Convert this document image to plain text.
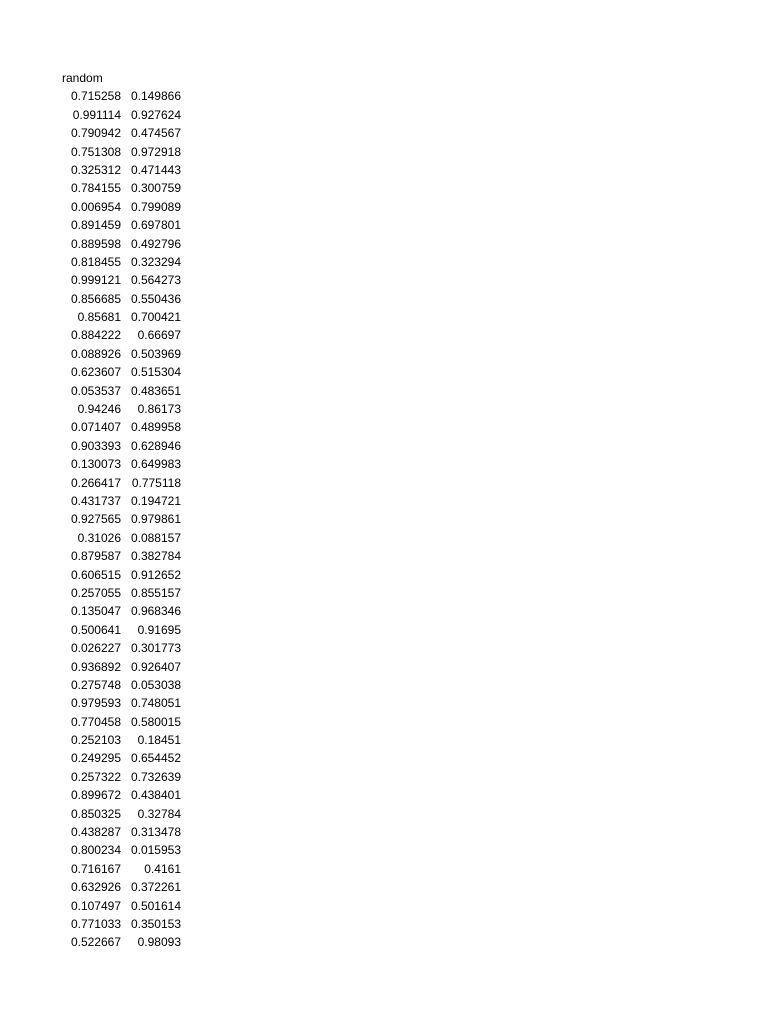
random
0.715258 0.149866
0.991114 0.927624
0.790942 0.474567
0.751308 0.972918
0.325312 0.471443
0.784155 0.300759
0.006954 0.799089
0.891459 0.697801
0.889598 0.492796
0.818455 0.323294
0.999121 0.564273
0.856685 0.550436
0.85681 0.700421
0.884222	0.66697
0.088926 0.503969
0.623607 0.515304
0.053537 0.483651
0.94246	0.86173
0.071407 0.489958
0.903393 0.628946
0.130073 0.649983
0.266417 0.775118
0.431737 0.194721
0.927565 0.979861
0.31026 0.088157
0.879587 0.382784
0.606515 0.912652
0.257055 0.855157
0.135047 0.968346
0.500641	0.91695
0.026227 0.301773
0.936892 0.926407
0.275748 0.053038
0.979593 0.748051
0.770458 0.580015
0.252103	0.18451
0.249295 0.654452
0.257322 0.732639
0.899672 0.438401
0.850325	0.32784
0.438287 0.313478
0.800234 0.015953
0.716167	0.4161
0.632926 0.372261
0.107497 0.501614
0.771033 0.350153
0.522667	0.98093
